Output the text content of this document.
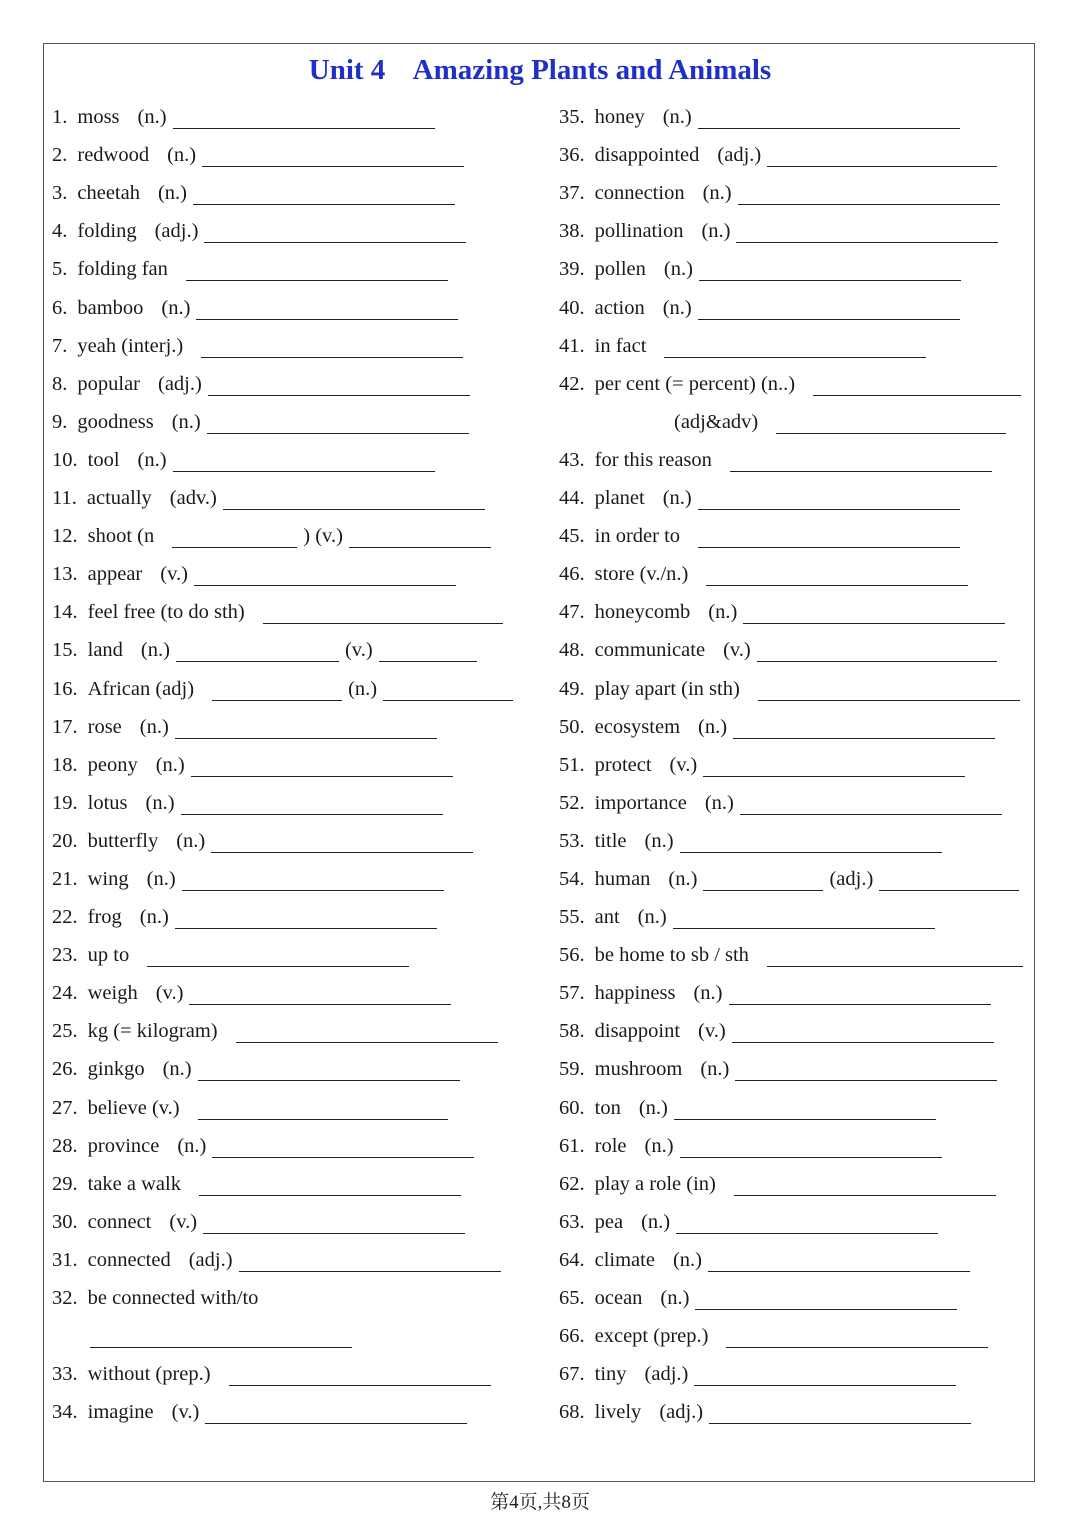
Unit 4    Amazing Plants and Animals
1. moss (n.)
2. redwood (n.)
3. cheetah (n.)
4. folding (adj.)
5. folding fan
6. bamboo (n.)
7. yeah (interj.)
8. popular (adj.)
9. goodness (n.)
10. tool (n.)
11. actually (adv.)
12. shoot (n	) (v.)
13. appear (v.)
14. feel free (to do sth)
15. land (n.)	(v.)
16. African (adj)	(n.)
17. rose (n.)
18. peony (n.)
19. lotus (n.)
20. butterfly (n.)
21. wing (n.)
22. frog (n.)
23. up to
24. weigh (v.)
25. kg (= kilogram)
26. ginkgo (n.)
27. believe (v.)
28. province (n.)
29. take a walk
30. connect (v.)
31. connected (adj.)
32. be connected with/to
33. without (prep.)
34. imagine (v.)
35. honey (n.)
36. disappointed (adj.)
37. connection (n.)
38. pollination (n.)
39. pollen (n.)
40. action (n.)
41. in fact
42. per cent (= percent) (n..)
(adj&adv)
43. for this reason
44. planet (n.)
45. in order to
46. store (v./n.)
47. honeycomb (n.)
48. communicate (v.)
49. play apart (in sth)
50. ecosystem (n.)
51. protect (v.)
52. importance (n.)
53. title (n.)
54. human (n.)	(adj.)
55. ant (n.)
56. be home to sb / sth
57. happiness (n.)
58. disappoint (v.)
59. mushroom (n.)
60. ton (n.)
61. role (n.)
62. play a role (in)
63. pea (n.)
64. climate (n.)
65. ocean (n.)
66. except (prep.)
67. tiny (adj.)
68. lively (adj.)
第4页,共8页
